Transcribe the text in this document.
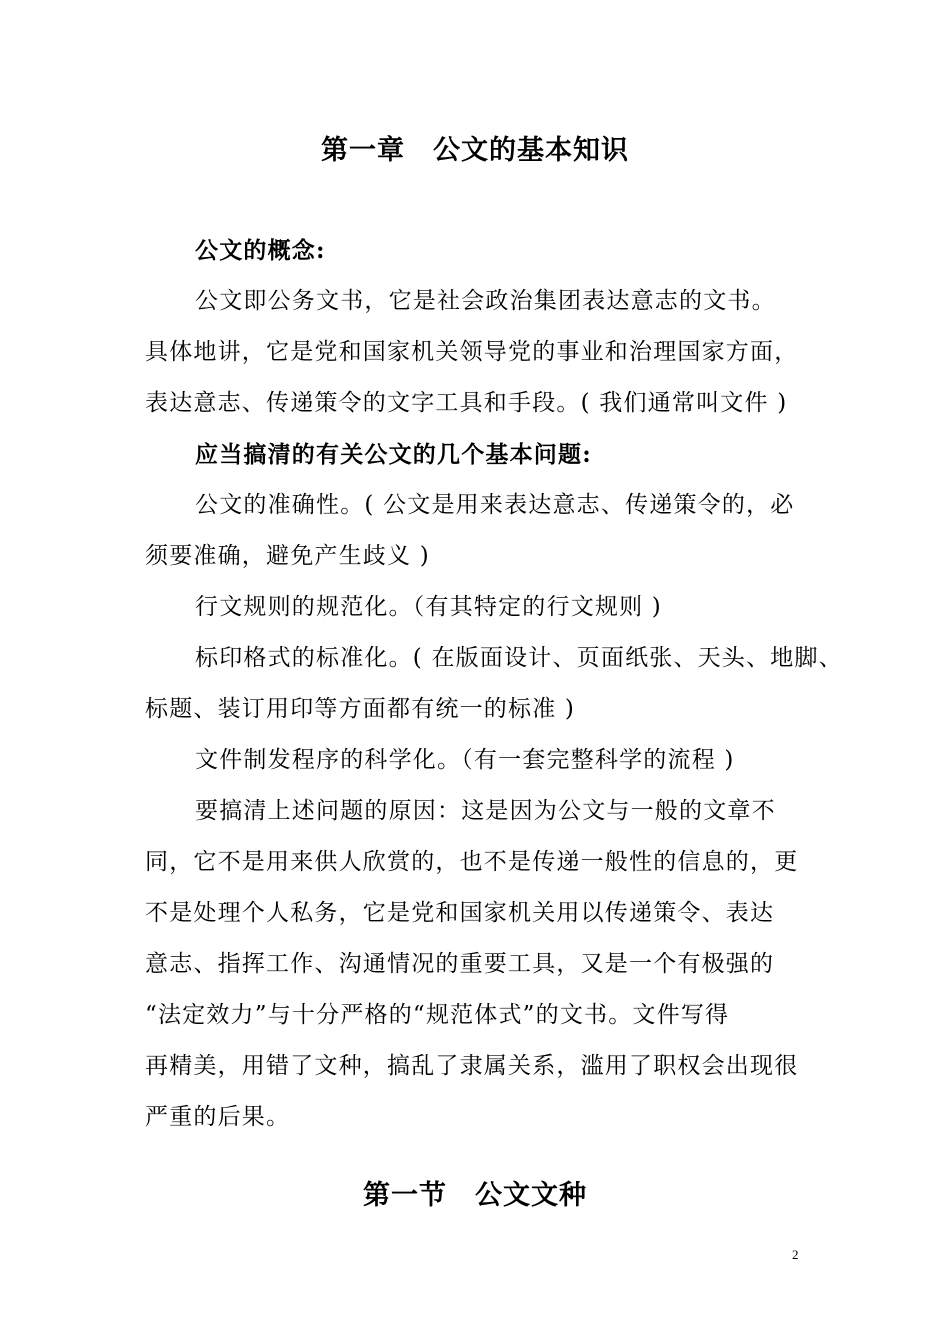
第一章　公文的基本知识
公文的概念:
公文即公务文书，它是社会政治集团表达意志的文书。
具体地讲，它是党和国家机关领导党的事业和治理国家方面，
表达意志、传递策令的文字工具和手段。( 我们通常叫文件 )
应当搞清的有关公文的几个基本问题:
公文的准确性。( 公文是用来表达意志、传递策令的，必
须要准确，避免产生歧义 )
行文规则的规范化。（有其特定的行文规则 )
标印格式的标准化。( 在版面设计、页面纸张、天头、地脚、
标题、装订用印等方面都有统一的标准 )
文件制发程序的科学化。（有一套完整科学的流程 )
要搞清上述问题的原因：这是因为公文与一般的文章不
同，它不是用来供人欣赏的，也不是传递一般性的信息的，更
不是处理个人私务，它是党和国家机关用以传递策令、表达
意志、指挥工作、沟通情况的重要工具，又是一个有极强的
“法定效力”与十分严格的“规范体式”的文书。文件写得
再精美，用错了文种，搞乱了隶属关系，滥用了职权会出现很
严重的后果。
第一节　公文文种
2
